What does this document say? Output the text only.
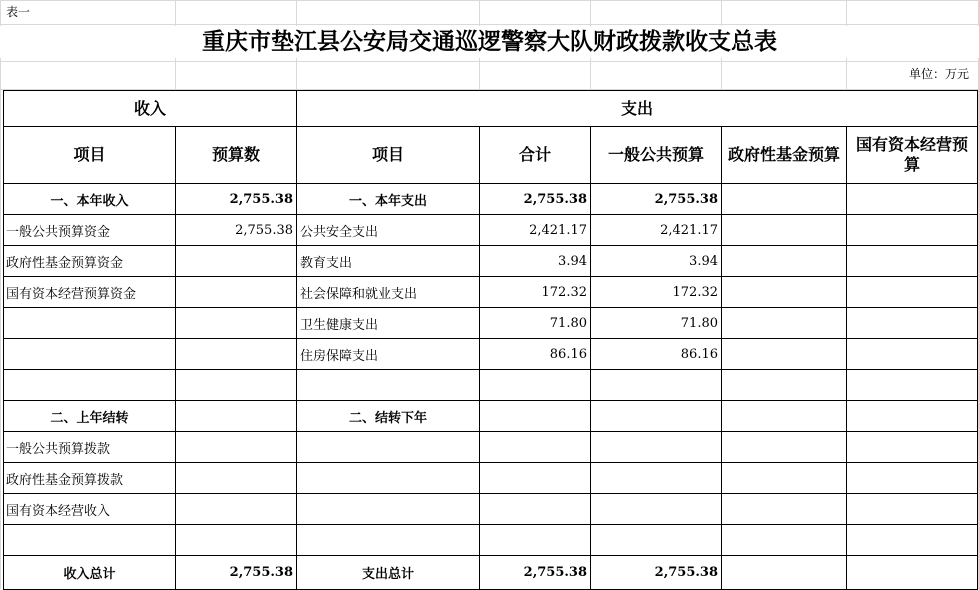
表一
重庆市垫江县公安局交通巡逻警察大队财政拨款收支总表
单位：万元
收入		支出				
项目	预算数	项目	合计	一般公共预算	政府性基金预算	国有资本经营预算
一、本年收入	2,755.38	一、本年支出	2,755.38	2,755.38		
一般公共预算资金	2,755.38	公共安全支出	2,421.17	2,421.17		
政府性基金预算资金		教育支出	3.94	3.94		
国有资本经营预算资金		社会保障和就业支出	172.32	172.32		
		卫生健康支出	71.80	71.80		
		住房保障支出	86.16	86.16		

二、上年结转		二、结转下年				
一般公共预算拨款						
政府性基金预算拨款						
国有资本经营收入						

收入总计	2,755.38	支出总计	2,755.38	2,755.38		
